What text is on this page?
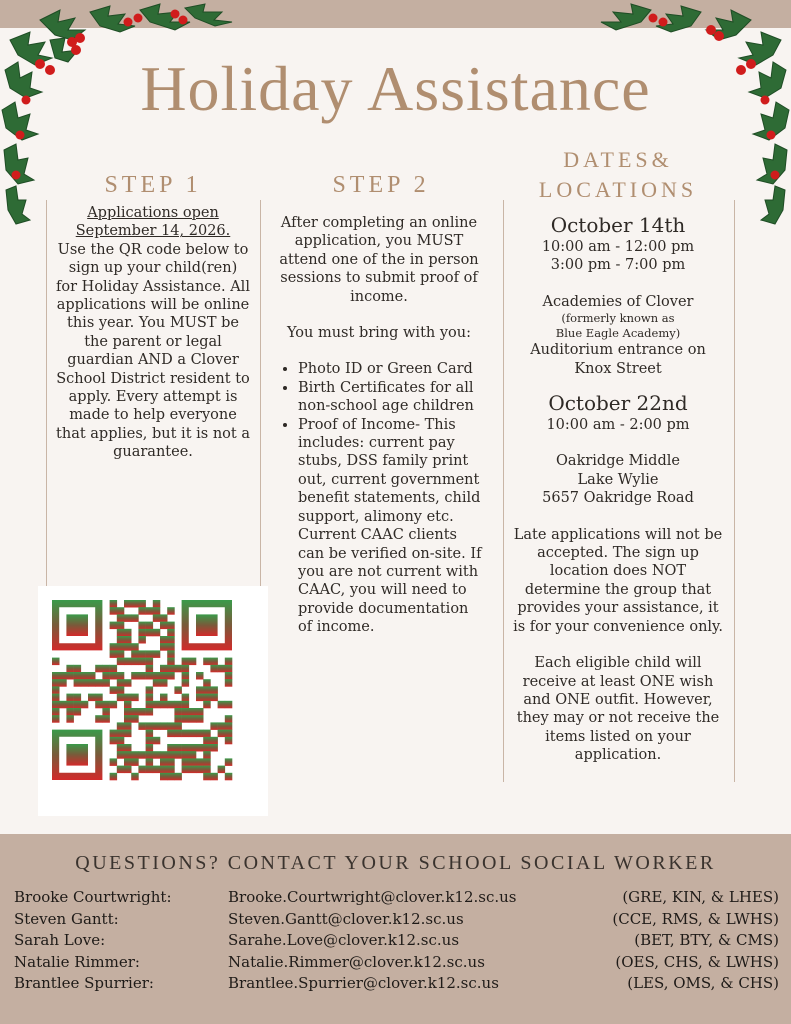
Holiday Assistance
STEP 1	STEP 2
DATES&
LOCATIONS
Applications open September 14, 2026.
Use the QR code below to sign up your child(ren) for Holiday Assistance. All applications will be online this year. You MUST be the parent or legal guardian AND a Clover School District resident to apply. Every attempt is made to help everyone that applies, but it is not a guarantee.
After completing an online application, you MUST attend one of the in person sessions to submit proof of income.
You must bring with you:
• Photo ID or Green Card
• Birth Certificates for all non-school age children
• Proof of Income- This includes: current pay stubs, DSS family print out, current government benefit statements, child support, alimony etc. Current CAAC clients can be verified on-site. If you are not current with CAAC, you will need to provide documentation of income.
October 14th
10:00 am - 12:00 pm
3:00 pm - 7:00 pm
Academies of Clover
(formerly known as
Blue Eagle Academy)
Auditorium entrance on Knox Street
October 22nd
10:00 am - 2:00 pm
Oakridge Middle
Lake Wylie
5657 Oakridge Road
Late applications will not be accepted. The sign up location does NOT determine the group that provides your assistance, it is for your convenience only.
Each eligible child will receive at least ONE wish and ONE outfit. However, they may or not receive the items listed on your application.
QUESTIONS? CONTACT YOUR SCHOOL SOCIAL WORKER
Brooke Courtwright:
Steven Gantt:
Sarah Love:
Natalie Rimmer:
Brantlee Spurrier:
Brooke.Courtwright@clover.k12.sc.us
Steven.Gantt@clover.k12.sc.us
Sarahe.Love@clover.k12.sc.us
Natalie.Rimmer@clover.k12.sc.us
Brantlee.Spurrier@clover.k12.sc.us
(GRE, KIN, & LHES)
(CCE, RMS, & LWHS)
(BET, BTY, & CMS)
(OES, CHS, & LWHS)
(LES, OMS, & CHS)
